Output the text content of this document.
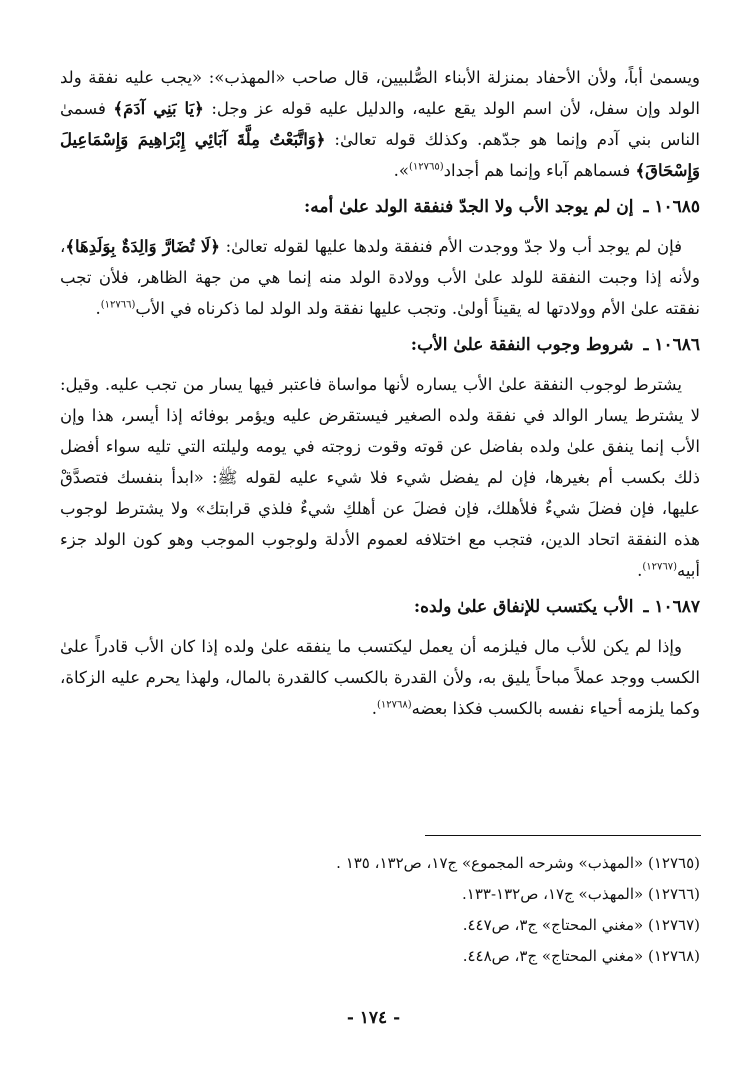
ويسمىٰ أباً، ولأن الأحفاد بمنزلة الأبناء الصُّلبيين، قال صاحب «المهذب»: «يجب عليه نفقة ولد الولد وإن سفل، لأن اسم الولد يقع عليه، والدليل عليه قوله عز وجل: ﴿يَا بَنِي آدَمَ﴾ فسمىٰ الناس بني آدم وإنما هو جدّهم. وكذلك قوله تعالىٰ: ﴿وَاتَّبَعْتُ مِلَّةَ آبَائِي إِبْرَاهِيمَ وَإِسْمَاعِيلَ وَإِسْحَاقَ﴾ فسماهم آباء وإنما هم أجداد$^{(١٢٧٦٥)}$».

١٠٦٨٥ ـ إن لم يوجد الأب ولا الجدّ فنفقة الولد علىٰ أمه:

فإن لم يوجد أب ولا جدّ ووجدت الأم فنفقة ولدها عليها لقوله تعالىٰ: ﴿لَا تُضَارَّ وَالِدَةٌ بِوَلَدِهَا﴾، ولأنه إذا وجبت النفقة للولد علىٰ الأب وولادة الولد منه إنما هي من جهة الظاهر، فلأن تجب نفقته علىٰ الأم وولادتها له يقيناً أولىٰ. وتجب عليها نفقة ولد الولد لما ذكرناه في الأب$^{(١٢٧٦٦)}$.

١٠٦٨٦ ـ شروط وجوب النفقة علىٰ الأب:

يشترط لوجوب النفقة علىٰ الأب يساره لأنها مواساة فاعتبر فيها يسار من تجب عليه. وقيل: لا يشترط يسار الوالد في نفقة ولده الصغير فيستقرض عليه ويؤمر بوفائه إذا أيسر، هذا وإن الأب إنما ينفق علىٰ ولده بفاضل عن قوته وقوت زوجته في يومه وليلته التي تليه سواء أفضل ذلك بكسب أم بغيرها، فإن لم يفضل شيء فلا شيء عليه لقوله ﷺ: «ابدأ بنفسك فتصدَّقْ عليها، فإن فضلَ شيءٌ فلأهلك، فإن فضلَ عن أهلكِ شيءٌ فلذي قرابتك» ولا يشترط لوجوب هذه النفقة اتحاد الدين، فتجب مع اختلافه لعموم الأدلة ولوجوب الموجب وهو كون الولد جزء أبيه$^{(١٢٧٦٧)}$.

١٠٦٨٧ ـ الأب يكتسب للإنفاق علىٰ ولده:

وإذا لم يكن للأب مال فيلزمه أن يعمل ليكتسب ما ينفقه علىٰ ولده إذا كان الأب قادراً علىٰ الكسب ووجد عملاً مباحاً يليق به، ولأن القدرة بالكسب كالقدرة بالمال، ولهذا يحرم عليه الزكاة، وكما يلزمه أحياء نفسه بالكسب فكذا بعضه$^{(١٢٧٦٨)}$.

(١٢٧٦٥) «المهذب» وشرحه المجموع» ج١٧، ص١٣٢، ١٣٥ .

(١٢٧٦٦) «المهذب» ج١٧، ص١٣٢-١٣٣.

(١٢٧٦٧) «مغني المحتاج» ج٣، ص٤٤٧.

(١٢٧٦٨) «مغني المحتاج» ج٣، ص٤٤٨.

- ١٧٤ -
